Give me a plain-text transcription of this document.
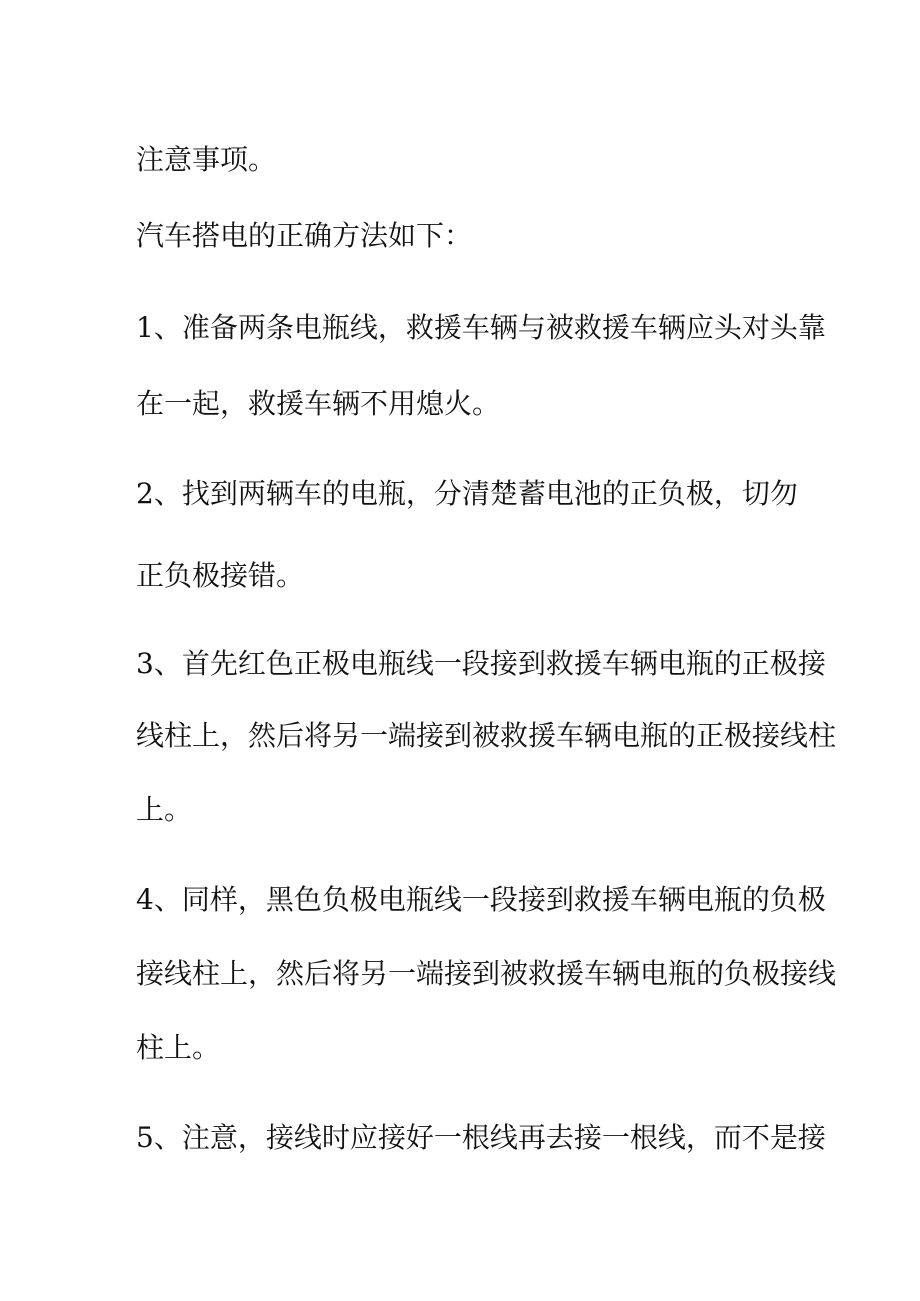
注意事项。

汽车搭电的正确方法如下：

1、准备两条电瓶线，救援车辆与被救援车辆应头对头靠

在一起，救援车辆不用熄火。

2、找到两辆车的电瓶，分清楚蓄电池的正负极，切勿

正负极接错。

3、首先红色正极电瓶线一段接到救援车辆电瓶的正极接

线柱上，然后将另一端接到被救援车辆电瓶的正极接线柱

上。

4、同样，黑色负极电瓶线一段接到救援车辆电瓶的负极

接线柱上，然后将另一端接到被救援车辆电瓶的负极接线

柱上。

5、注意，接线时应接好一根线再去接一根线，而不是接
